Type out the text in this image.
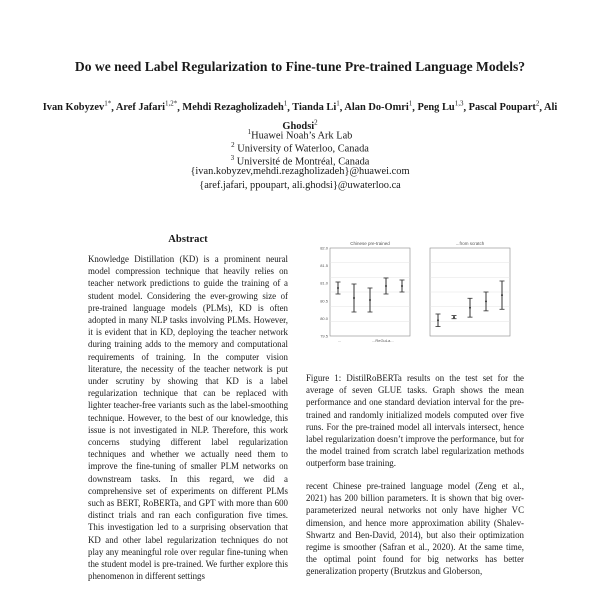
Do we need Label Regularization to Fine-tune Pre-trained Language Models?
Ivan Kobyzev$^{1*}$, Aref Jafari$^{1,2*}$, Mehdi Rezagholizadeh$^1$, Tianda Li$^1$, Alan Do-Omri$^1$, Peng Lu$^{1,3}$, Pascal Poupart$^2$, Ali Ghodsi$^2$
$^1$Huawei Noah’s Ark Lab
$^2$ University of Waterloo, Canada
$^3$ Université de Montréal, Canada
{ivan.kobyzev,mehdi.rezagholizadeh}@huawei.com
{aref.jafari, ppoupart, ali.ghodsi}@uwaterloo.ca
Abstract
Knowledge Distillation (KD) is a prominent neural model compression technique that heavily relies on teacher network predictions to guide the training of a student model. Considering the ever-growing size of pre-trained language models (PLMs), KD is often adopted in many NLP tasks involving PLMs. However, it is evident that in KD, deploying the teacher network during training adds to the memory and computational requirements of training. In the computer vision literature, the necessity of the teacher network is put under scrutiny by showing that KD is a label regularization technique that can be replaced with lighter teacher-free variants such as the label-smoothing technique. However, to the best of our knowledge, this issue is not investigated in NLP. Therefore, this work concerns studying different label regularization techniques and whether we actually need them to improve the fine-tuning of smaller PLM networks on downstream tasks. In this regard, we did a comprehensive set of experiments on different PLMs such as BERT, RoBERTa, and GPT with more than 600 distinct trials and ran each configuration five times. This investigation led to a surprising observation that KD and other label regularization techniques do not play any meaningful role over regular fine-tuning when the student model is pre-trained. We further explore this phenomenon in different settings
Chinese pre-trained
82.0
81.5
81.0
80.5
80.0
79.5
...	...ReGuLa...
...from scratch
Figure 1: DistilRoBERTa results on the test set for the average of seven GLUE tasks. Graph shows the mean performance and one standard deviation interval for the pre-trained and randomly initialized models computed over five runs. For the pre-trained model all intervals intersect, hence label regularization doesn’t improve the performance, but for the model trained from scratch label regularization methods outperform base training.
recent Chinese pre-trained language model (Zeng et al., 2021) has 200 billion parameters. It is shown that big over-parameterized neural networks not only have higher VC dimension, and hence more approximation ability (Shalev-Shwartz and Ben-David, 2014), but also their optimization regime is smoother (Safran et al., 2020). At the same time, the optimal point found for big networks has better generalization property (Brutzkus and Globerson,
